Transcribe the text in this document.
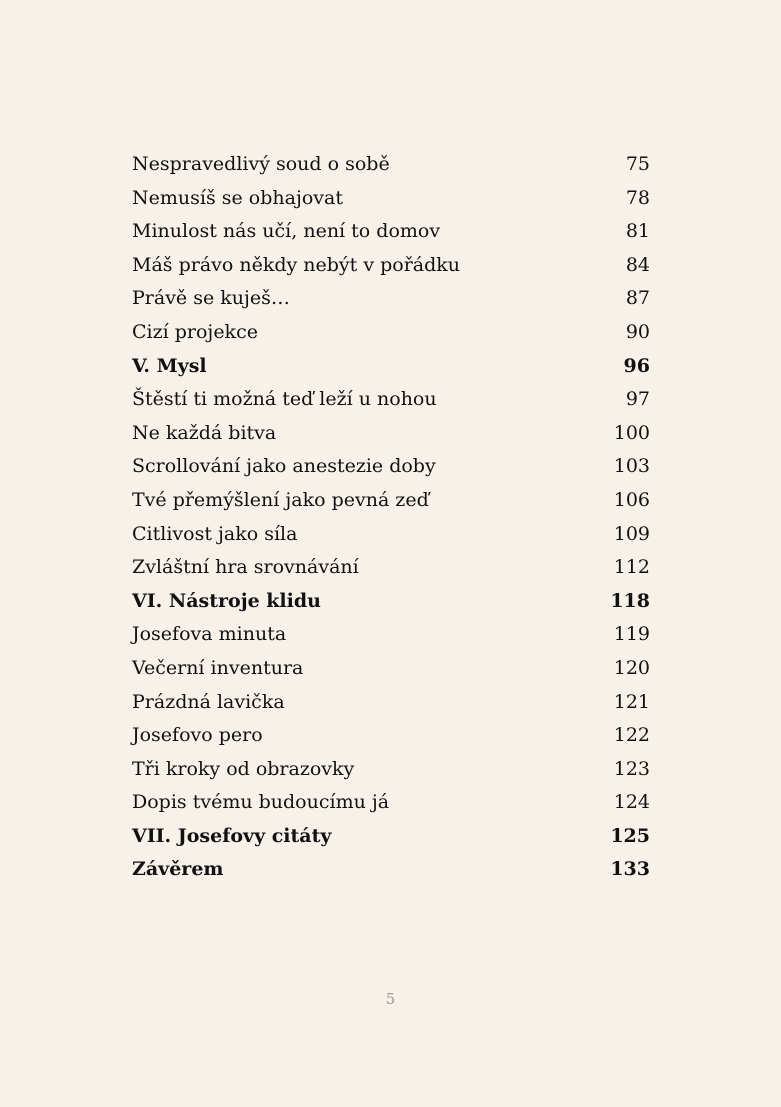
Nespravedlivý soud o sobě	75
Nemusíš se obhajovat	78
Minulost nás učí, není to domov	81
Máš právo někdy nebýt v pořádku	84
Právě se kuješ…	87
Cizí projekce	90
V. Mysl	96
Štěstí ti možná teď leží u nohou	97
Ne každá bitva	100
Scrollování jako anestezie doby	103
Tvé přemýšlení jako pevná zeď	106
Citlivost jako síla	109
Zvláštní hra srovnávání	112
VI. Nástroje klidu	118
Josefova minuta	119
Večerní inventura	120
Prázdná lavička	121
Josefovo pero	122
Tři kroky od obrazovky	123
Dopis tvému budoucímu já	124
VII. Josefovy citáty	125
Závěrem	133
5
